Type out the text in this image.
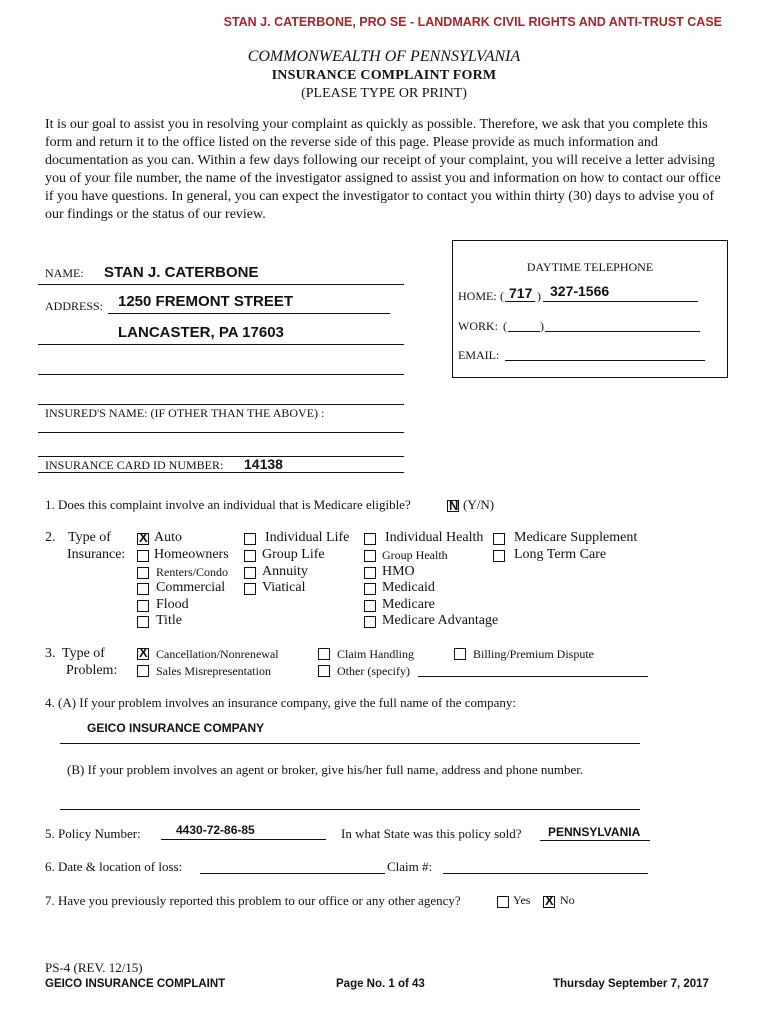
STAN J. CATERBONE, PRO SE - LANDMARK CIVIL RIGHTS AND ANTI-TRUST CASE
COMMONWEALTH OF PENNSYLVANIA
INSURANCE COMPLAINT FORM
(PLEASE TYPE OR PRINT)
It is our goal to assist you in resolving your complaint as quickly as possible. Therefore, we ask that you complete this form and return it to the office listed on the reverse side of this page. Please provide as much information and documentation as you can. Within a few days following our receipt of your complaint, you will receive a letter advising you of your file number, the name of the investigator assigned to assist you and information on how to contact our office if you have questions. In general, you can expect the investigator to contact you within thirty (30) days to advise you of our findings or the status of our review.
NAME: STAN J. CATERBONE
ADDRESS: 1250 FREMONT STREET
LANCASTER, PA 17603
INSURED'S NAME: (IF OTHER THAN THE ABOVE) :
INSURANCE CARD ID NUMBER: 14138
DAYTIME TELEPHONE
HOME: ( 717 ) 327-1566
WORK: (	)
EMAIL:
1. Does this complaint involve an individual that is Medicare eligible?	N (Y/N)
2. Type of
Insurance:
X Auto
Homeowners
Renters/Condo
Commercial
Flood
Title
Individual Life
Group Life
Annuity
Viatical
Individual Health
Group Health
HMO
Medicaid
Medicare
Medicare Advantage
Medicare Supplement
Long Term Care
3. Type of
Problem:
X Cancellation/Nonrenewal
Sales Misrepresentation
Claim Handling
Other (specify)
Billing/Premium Dispute
4. (A) If your problem involves an insurance company, give the full name of the company:
GEICO INSURANCE COMPANY
(B) If your problem involves an agent or broker, give his/her full name, address and phone number.
5. Policy Number:	4430-72-86-85	In what State was this policy sold? PENNSYLVANIA
6. Date & location of loss:	Claim #:
7. Have you previously reported this problem to our office or any other agency?	Yes X No
PS-4 (REV. 12/15)
GEICO INSURANCE COMPLAINT	Page No. 1 of 43	Thursday September 7, 2017
